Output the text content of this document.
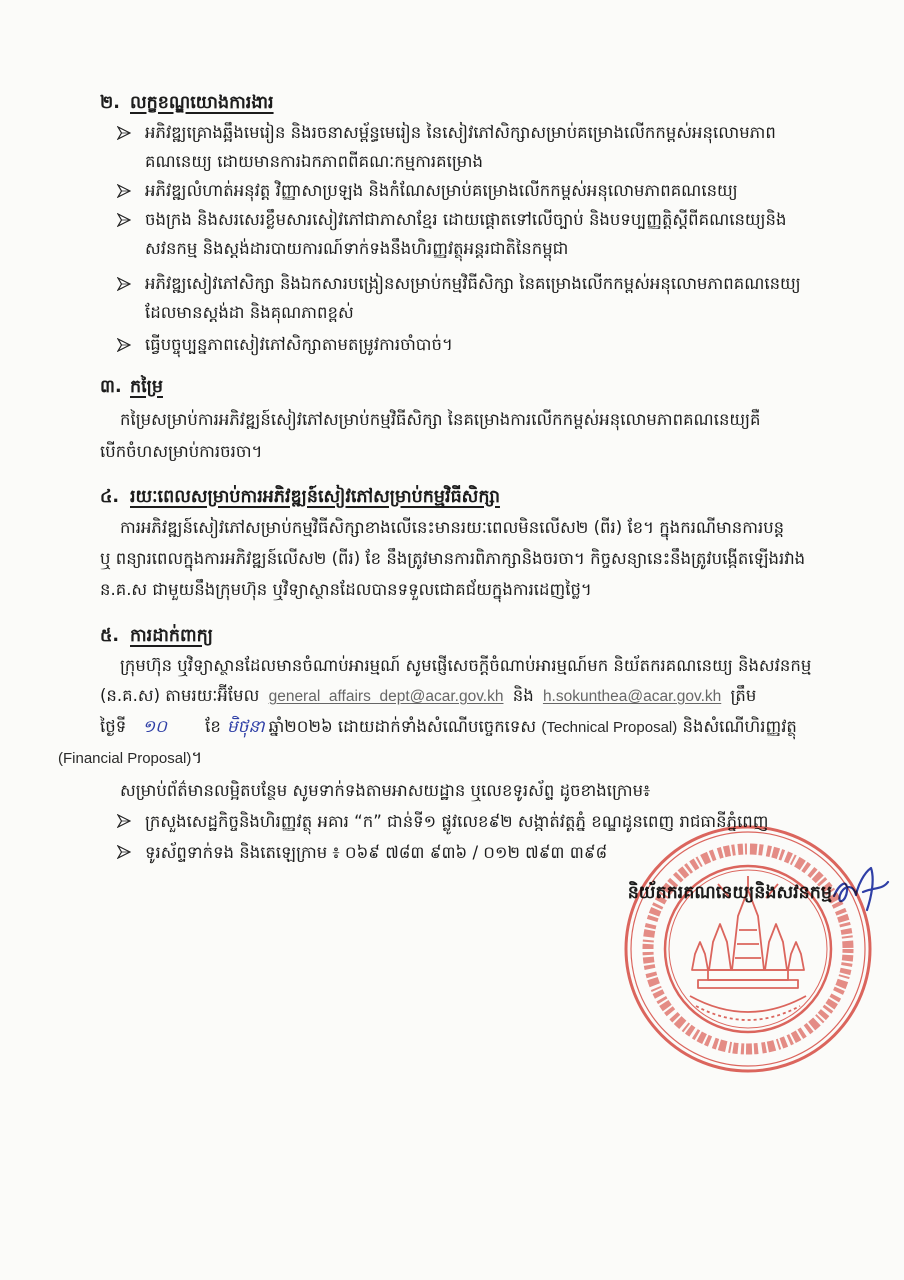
២. លក្ខខណ្ឌយោងការងារ
អភិវឌ្ឍគ្រោងឆ្អឹងមេរៀន និងរចនាសម្ព័ន្ធមេរៀន នៃសៀវភៅសិក្សាសម្រាប់គម្រោងលើកកម្ពស់អនុលោមភាព
គណនេយ្យ ដោយមានការឯកភាពពីគណៈកម្មការគម្រោង
អភិវឌ្ឍលំហាត់អនុវត្ត វិញ្ញាសាប្រឡង និងកំណែសម្រាប់គម្រោងលើកកម្ពស់អនុលោមភាពគណនេយ្យ
ចងក្រង និងសរសេរខ្លឹមសារសៀវភៅជាភាសាខ្មែរ ដោយផ្តោតទៅលើច្បាប់ និងបទប្បញ្ញត្តិស្តីពីគណនេយ្យនិង
សវនកម្ម និងស្តង់ដារបាយការណ៍ទាក់ទងនឹងហិរញ្ញវត្ថុអន្តរជាតិនៃកម្ពុជា
អភិវឌ្ឍសៀវភៅសិក្សា និងឯកសារបង្រៀនសម្រាប់កម្មវិធីសិក្សា នៃគម្រោងលើកកម្ពស់អនុលោមភាពគណនេយ្យ
ដែលមានស្តង់ដា និងគុណភាពខ្ពស់
ធ្វើបច្ចុប្បន្នភាពសៀវភៅសិក្សាតាមតម្រូវការចាំបាច់។
៣. កម្រៃ
កម្រៃសម្រាប់ការអភិវឌ្ឍន៍សៀវភៅសម្រាប់កម្មវិធីសិក្សា នៃគម្រោងការលើកកម្ពស់អនុលោមភាពគណនេយ្យគឺ
បើកចំហសម្រាប់ការចរចា។
៤. រយៈពេលសម្រាប់ការអភិវឌ្ឍន៍សៀវភៅសម្រាប់កម្មវិធីសិក្សា
ការអភិវឌ្ឍន៍សៀវភៅសម្រាប់កម្មវិធីសិក្សាខាងលើនេះមានរយៈពេលមិនលើស២ (ពីរ) ខែ។ ក្នុងករណីមានការបន្ត
ឬ ពន្យារពេលក្នុងការអភិវឌ្ឍន៍លើស២ (ពីរ) ខែ នឹងត្រូវមានការពិភាក្សានិងចរចា។ កិច្ចសន្យានេះនឹងត្រូវបង្កើតឡើងរវាង
ន.គ.ស ជាមួយនឹងក្រុមហ៊ុន ឬវិទ្យាស្ថានដែលបានទទួលជោគជ័យក្នុងការដេញថ្លៃ។
៥. ការដាក់ពាក្យ
ក្រុមហ៊ុន ឬវិទ្យាស្ថានដែលមានចំណាប់អារម្មណ៍ សូមផ្ញើសេចក្តីចំណាប់អារម្មណ៍មក និយ័តករគណនេយ្យ និងសវនកម្ម
(ន.គ.ស) តាមរយៈអ៊ីមែល general_affairs_dept@acar.gov.kh និង h.sokunthea@acar.gov.kh ត្រឹម
ថ្ងៃទី ១០ ខែ មិថុនា ឆ្នាំ២០២៦ ដោយដាក់ទាំងសំណើបច្ចេកទេស (Technical Proposal) និងសំណើហិរញ្ញវត្ថុ
(Financial Proposal)។
សម្រាប់ព័ត៌មានលម្អិតបន្ថែម សូមទាក់ទងតាមអាសយដ្ឋាន ឬលេខទូរស័ព្ទ ដូចខាងក្រោម៖
ក្រសួងសេដ្ឋកិច្ចនិងហិរញ្ញវត្ថុ អគារ “ក” ជាន់ទី១ ផ្លូវលេខ៩២ សង្កាត់វត្តភ្នំ ខណ្ឌដូនពេញ រាជធានីភ្នំពេញ
ទូរស័ព្ទទាក់ទង និងតេឡេក្រាម ៖ ០៦៩ ៧៨៣ ៩៣៦ / ០១២ ៧៩៣ ៣៩៨
និយ័តករគណនេយ្យនិងសវនកម្ម
